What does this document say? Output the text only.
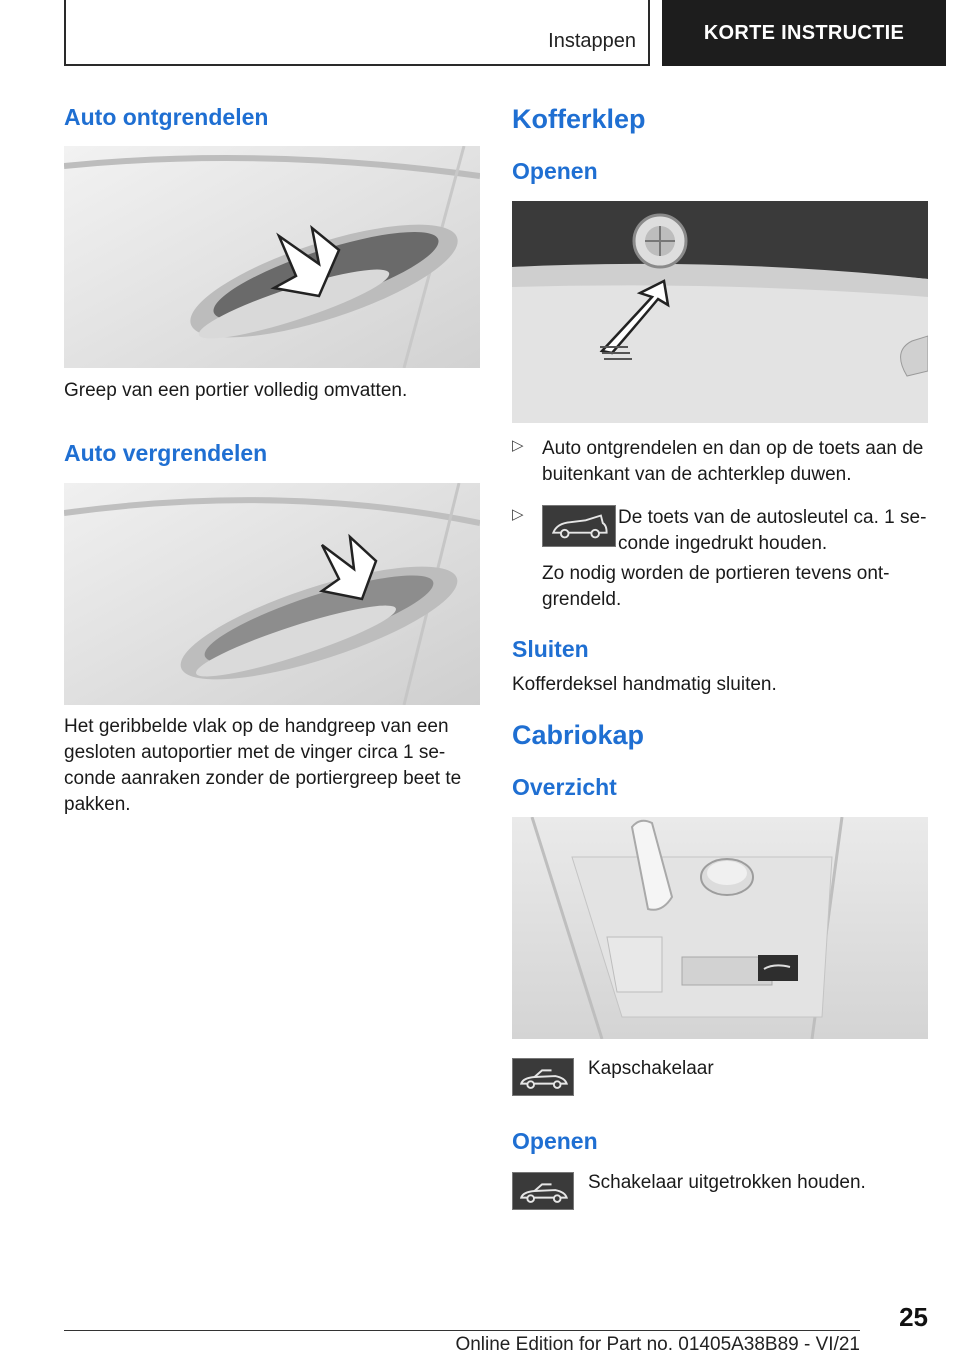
Instappen	KORTE INSTRUCTIE
Auto ontgrendelen

Greep van een portier volledig omvatten.

Auto vergrendelen

Het geribbelde vlak op de handgreep van een gesloten autoportier met de vinger circa 1 se-conde aanraken zonder de portiergreep beet te pakken.

Kofferklep
Openen
▷ Auto ontgrendelen en dan op de toets aan de buitenkant van de achterklep duwen.

▷	De toets van de autosleutel ca. 1 se-conde ingedrukt houden.

Zo nodig worden de portieren tevens ont-grendeld.

Sluiten

Kofferdeksel handmatig sluiten.

Cabriokap
Overzicht

Kapschakelaar

Openen

Schakelaar uitgetrokken houden.

25
Online Edition for Part no. 01405A38B89 - VI/21
